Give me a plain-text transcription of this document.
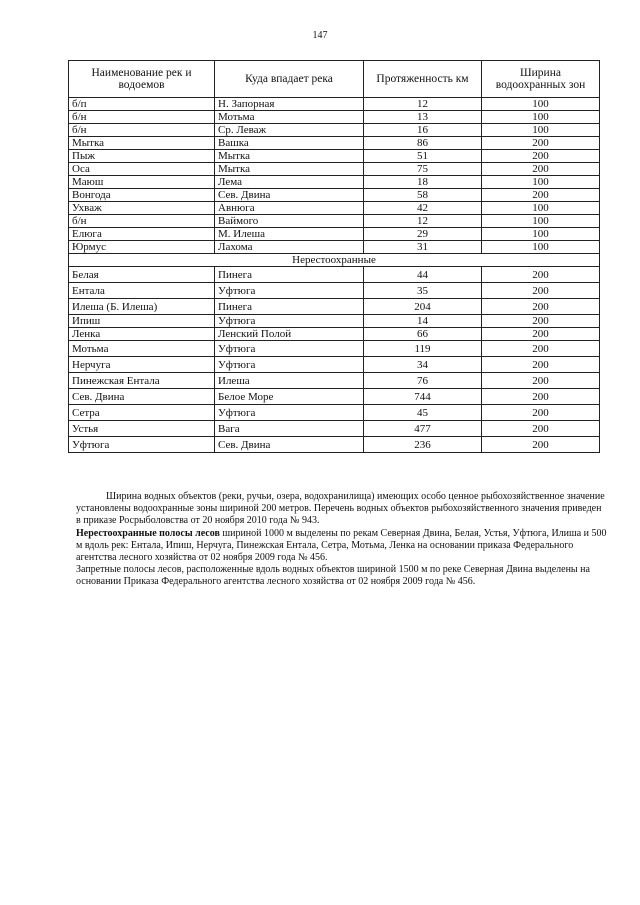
147
Наименование рек и водоемов	Куда впадает река	Протяженность км	Ширина водоохранных зон
б/п	Н. Запорная	12	100
б/н	Мотьма	13	100
б/н	Ср. Леваж	16	100
Мытка	Вашка	86	200
Пыж	Мытка	51	200
Оса	Мытка	75	200
Маюш	Лема	18	100
Вонгода	Сев. Двина	58	200
Ухваж	Авнюга	42	100
б/н	Ваймого	12	100
Елюга	М. Илеша	29	100
Юрмус	Лахома	31	100
Нерестоохранные			
Белая	Пинега	44	200
Ентала	Уфтюга	35	200
Илеша (Б. Илеша)	Пинега	204	200
Ипиш	Уфтюга	14	200
Ленка	Ленский Полой	66	200
Мотьма	Уфтюга	119	200
Нерчуга	Уфтюга	34	200
Пинежская Ентала	Илеша	76	200
Сев. Двина	Белое Море	744	200
Сетра	Уфтюга	45	200
Устья	Вага	477	200
Уфтюга	Сев. Двина	236	200

Ширина водных объектов (реки, ручьи, озера, водохранилища) имеющих особо ценное рыбохозяйственное значение установлены водоохранные зоны шириной 200 метров. Перечень водных объектов рыбохозяйственного значения приведен в приказе Росрыболовства от 20 ноября 2010 года № 943.

Нерестоохранные полосы лесов шириной 1000 м выделены по рекам Северная Двина, Белая, Устья, Уфтюга, Илиша и 500 м вдоль рек: Ентала, Ипиш, Нерчуга, Пинежская Ентала, Сетра, Мотьма, Ленка на основании приказа Федерального агентства лесного хозяйства от 02 ноября 2009 года № 456.

Запретные полосы лесов, расположенные вдоль водных объектов шириной 1500 м по реке Северная Двина выделены на основании Приказа Федерального агентства лесного хозяйства от 02 ноября 2009 года № 456.
